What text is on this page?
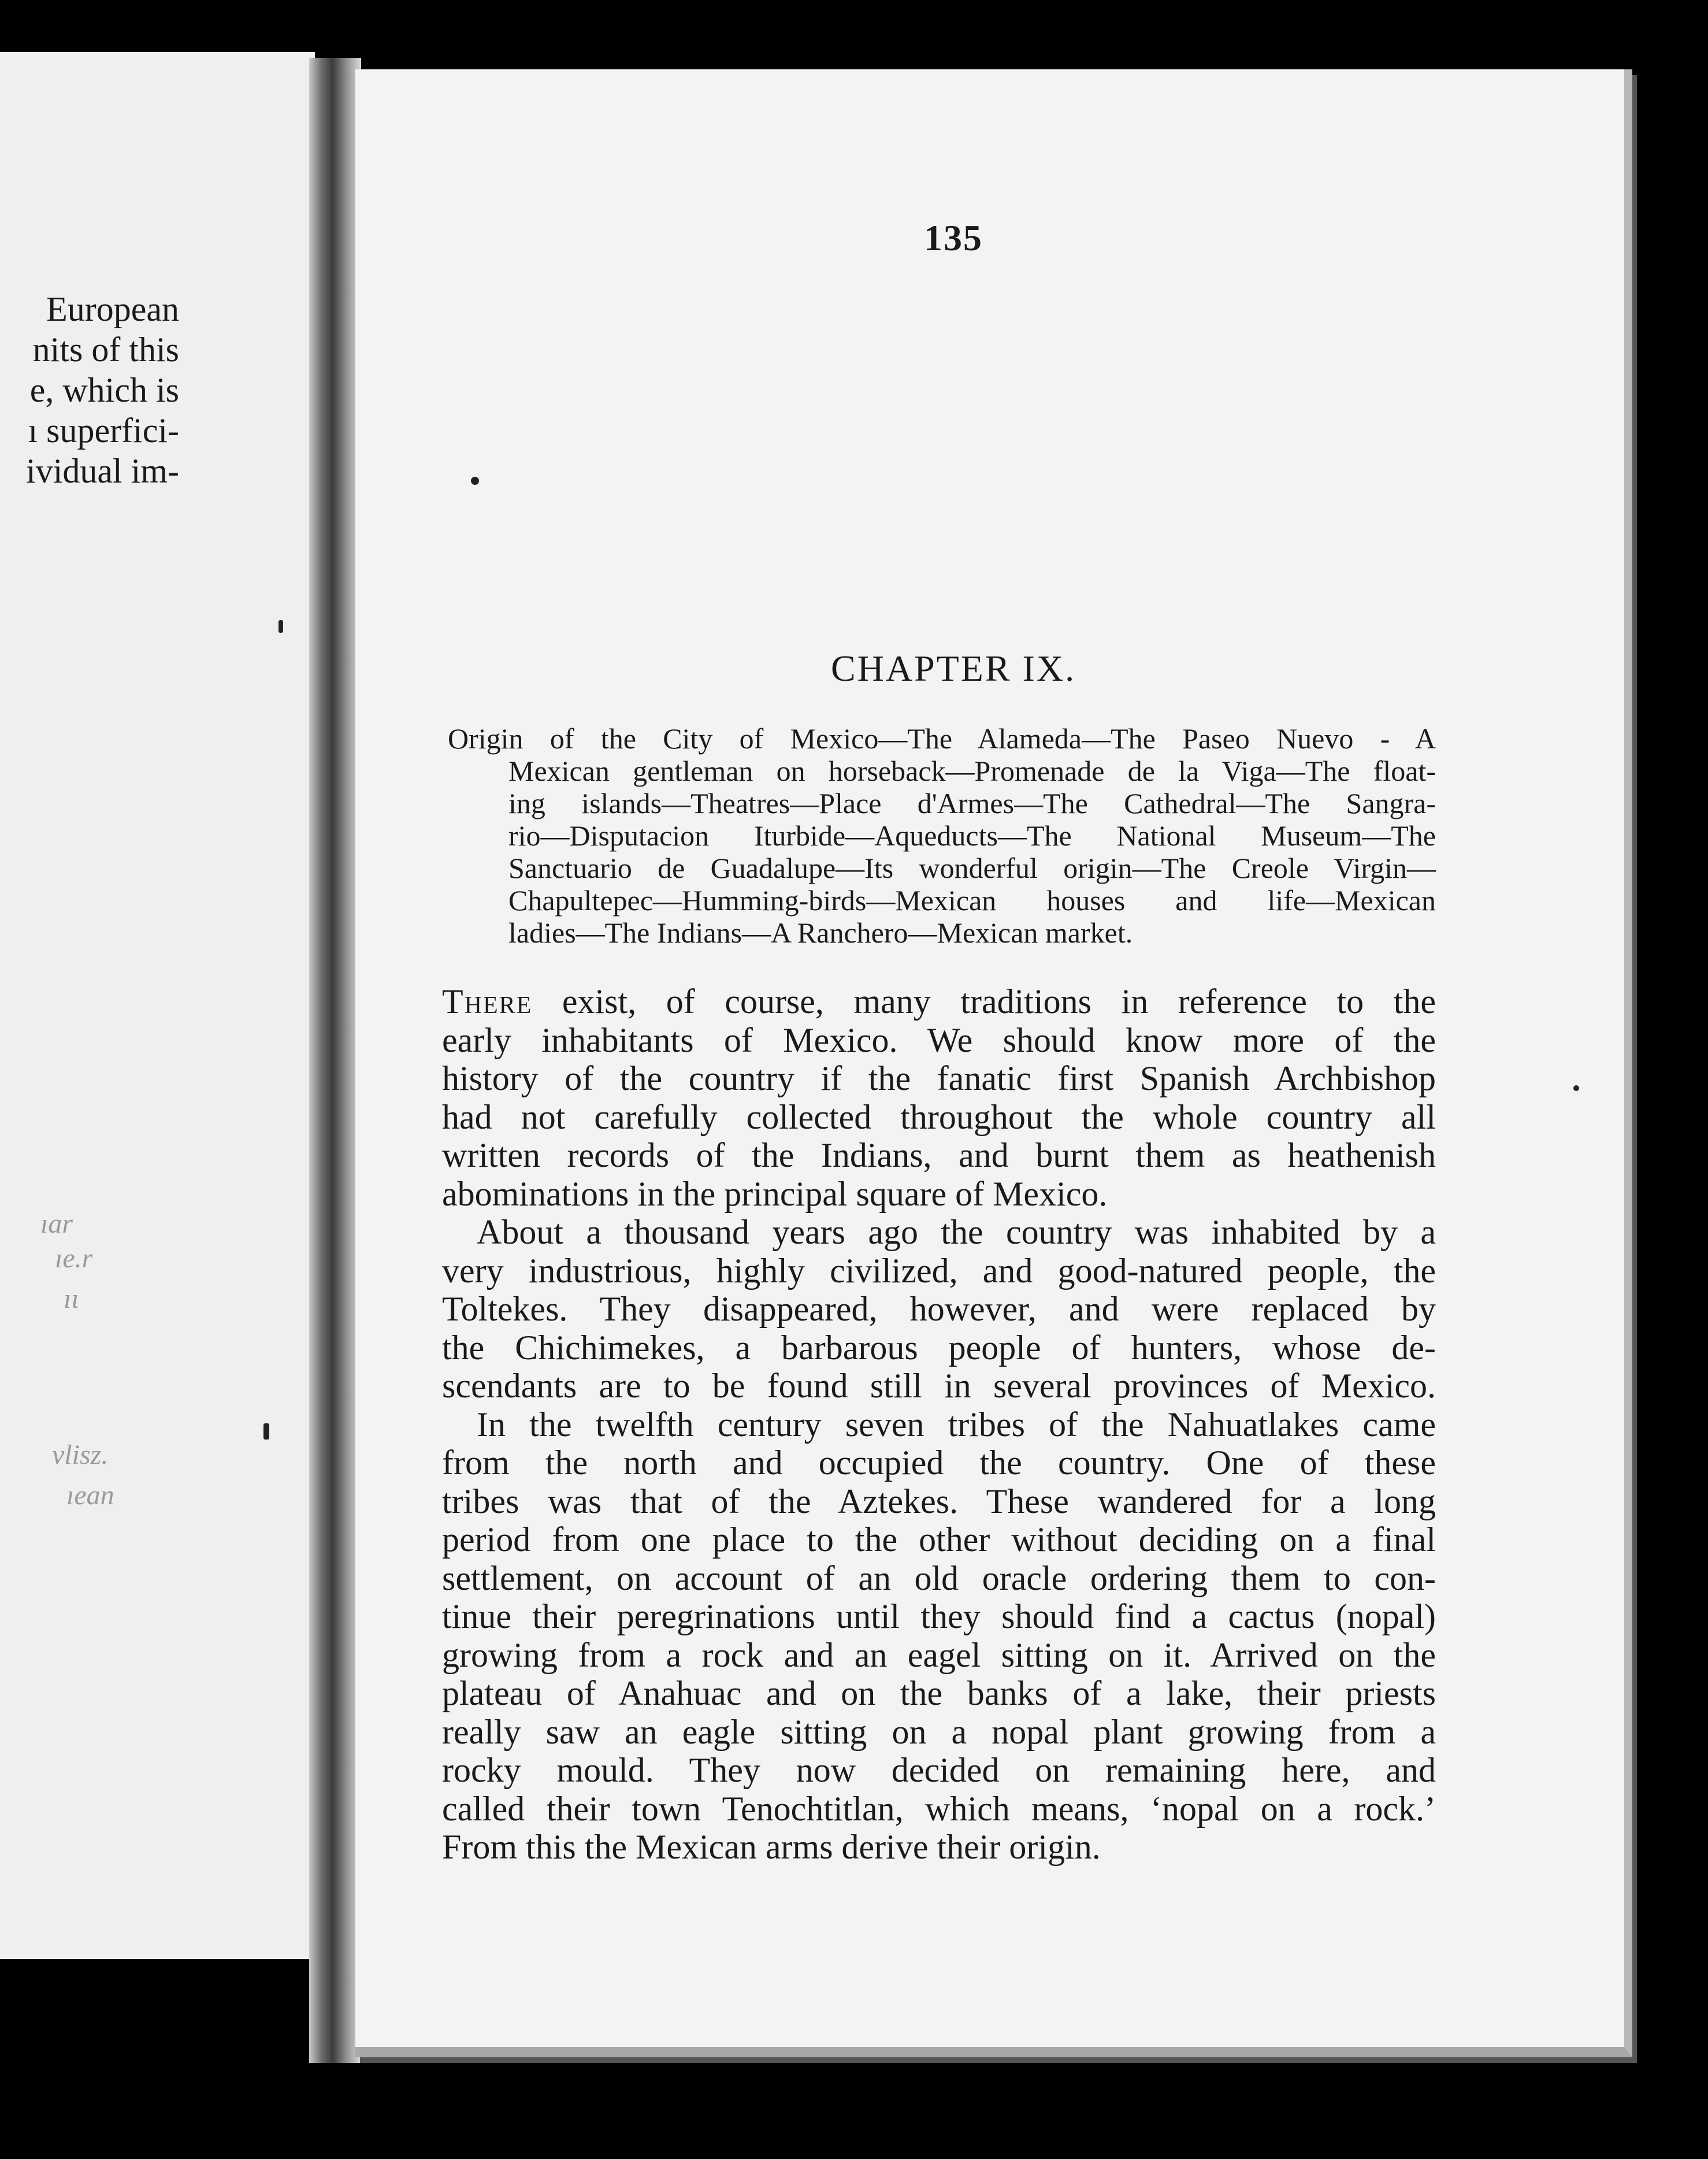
European
nits of this
e, which is
ı superfici-
ividual im-
ıar
ıe.r
ıι
vlisz.
ıean
135
CHAPTER IX.
Origin of the City of Mexico—The Alameda—The Paseo Nuevo - A
Mexican gentleman on horseback—Promenade de la Viga—The float-
ing islands—Theatres—Place d'Armes—The Cathedral—The Sangra-
rio—Disputacion Iturbide—Aqueducts—The National Museum—The
Sanctuario de Guadalupe—Its wonderful origin—The Creole Virgin—
Chapultepec—Humming-birds—Mexican houses and life—Mexican
ladies—The Indians—A Ranchero—Mexican market.
There exist, of course, many traditions in reference to the
early inhabitants of Mexico. We should know more of the
history of the country if the fanatic first Spanish Archbishop
had not carefully collected throughout the whole country all
written records of the Indians, and burnt them as heathenish
abominations in the principal square of Mexico.
About a thousand years ago the country was inhabited by a
very industrious, highly civilized, and good-natured people, the
Toltekes. They disappeared, however, and were replaced by
the Chichimekes, a barbarous people of hunters, whose de-
scendants are to be found still in several provinces of Mexico.
In the twelfth century seven tribes of the Nahuatlakes came
from the north and occupied the country. One of these
tribes was that of the Aztekes. These wandered for a long
period from one place to the other without deciding on a final
settlement, on account of an old oracle ordering them to con-
tinue their peregrinations until they should find a cactus (nopal)
growing from a rock and an eagel sitting on it. Arrived on the
plateau of Anahuac and on the banks of a lake, their priests
really saw an eagle sitting on a nopal plant growing from a
rocky mould. They now decided on remaining here, and
called their town Tenochtitlan, which means, ‘nopal on a rock.’
From this the Mexican arms derive their origin.
